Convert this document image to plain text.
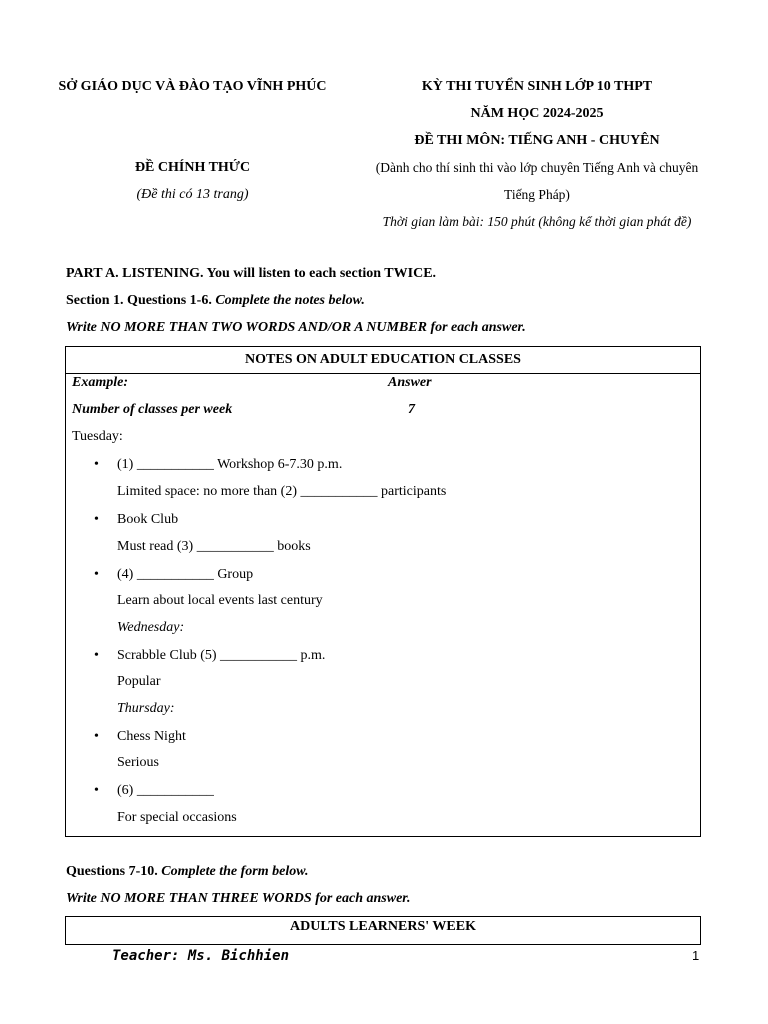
SỞ GIÁO DỤC VÀ ĐÀO TẠO VĨNH PHÚC
ĐỀ CHÍNH THỨC
(Đề thi có 13 trang)
KỲ THI TUYỂN SINH LỚP 10 THPT
NĂM HỌC 2024-2025
ĐỀ THI MÔN: TIẾNG ANH - CHUYÊN
(Dành cho thí sinh thi vào lớp chuyên Tiếng Anh và chuyên
Tiếng Pháp)
Thời gian làm bài: 150 phút (không kể thời gian phát đề)
PART A. LISTENING. You will listen to each section TWICE.
Section 1. Questions 1-6. Complete the notes below.
Write NO MORE THAN TWO WORDS AND/OR A NUMBER for each answer.
NOTES ON ADULT EDUCATION CLASSES
Example:	Answer
Number of classes per week	7
Tuesday:
• (1) ___________ Workshop 6-7.30 p.m.
Limited space: no more than (2) ___________ participants
• Book Club
Must read (3) ___________ books
• (4) ___________ Group
Learn about local events last century
Wednesday:
• Scrabble Club (5) ___________ p.m.
Popular
Thursday:
• Chess Night
Serious
• (6) ___________
For special occasions
Questions 7-10. Complete the form below.
Write NO MORE THAN THREE WORDS for each answer.
ADULTS LEARNERS' WEEK
Teacher: Ms. Bichhien	1
